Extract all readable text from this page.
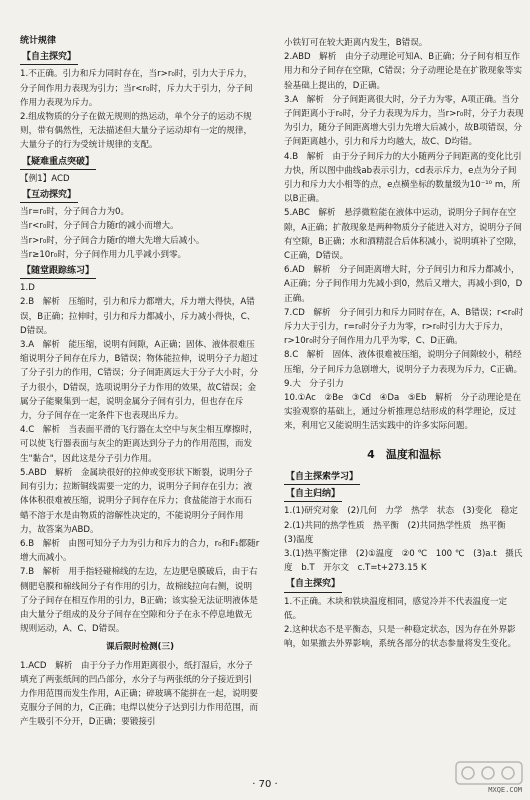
统计规律
【自主探究】
1.不正确。引力和斥力同时存在，当r>r₀时，引力大于斥力，分子间作用力表现为引力；当r<r₀时，斥力大于引力，分子间作用力表现为斥力。
2.组成物质的分子在做无规则的热运动，单个分子的运动不规则，带有偶然性，无法描述但大量分子运动却有一定的规律，大量分子的行为受统计规律的支配。
【疑难重点突破】
【例1】ACD
【互动探究】
当r=r₀时，分子间合力为0。
当r<r₀时，分子间合力随r的减小而增大。
当r>r₀时，分子间合力随r的增大先增大后减小。
当r≥10r₀时，分子间作用力几乎减小到零。
【随堂跟踪练习】
1.D
2.B　解析　压缩时，引力和斥力都增大，斥力增大得快，A错误，B正确；拉伸时，引力和斥力都减小，斥力减小得快，C、D错误。
3.A　解析　能压缩，说明有间隙，A正确；固体、液体很难压缩说明分子间存在斥力，B错误；物体能拉伸，说明分子力超过了分子引力的作用，C错误；分子间距离远大于分子大小时，分子力很小，D错误，选项说明分子力作用的效果，故C错误；金属分子能聚集到一起，说明金属分子间有引力，但也存在斥力，分子间存在一定条件下也表现出斥力。
4.C　解析　当表面平滑的飞行器在太空中与灰尘相互摩擦时，可以使飞行器表面与灰尘的距离达到分子力的作用范围，而发生"黏合"，因此这是分子引力作用。
5.ABD　解析　金属块很好的拉伸或变形状下断裂，说明分子间有引力；拉断铜线需要一定的力，说明分子间存在引力；液体体积很难被压缩，说明分子间存在斥力；食盐能溶于水而石蜡不溶于水是由物质的溶解性决定的，不能说明分子间作用力，故答案为ABD。
6.B　解析　由图可知分子力为引力和斥力的合力，r₀和F₁都随r增大而减小。
7.B　解析　用手指轻碰棉线的左边，左边肥皂膜破后，由于右侧肥皂膜和棉线间分子有作用的引力，故棉线拉向右侧，说明了分子间存在相互作用的引力，B正确；该实验无法证明液体是由大量分子组成的及分子间存在空隙和分子在永不停息地做无规则运动，A、C、D错误。
课后限时检测(三)
1.ACD　解析　由于分子力作用距离很小，纸打湿后，水分子填充了两张纸间的凹凸部分，水分子与两张纸的分子接近到引力作用范围而发生作用，A正确；碎玻璃不能拼在一起，说明要克服分子间的力，C正确；电焊以使分子达到引力作用范围，而产生吸引不分开，D正确；要锻接引
小铁钉可在较大距离内发生，B错误。
2.ABD　解析　由分子动理论可知A、B正确；分子间有相互作用力和分子间存在空隙，C错误；分子动理论是在扩散现象等实验基础上提出的，D正确。
3.A　解析　分子间距离很大时，分子力为零，A项正确。当分子间距离小于r₀时，分子力表现为斥力，当r>r₀时，分子力表现为引力，随分子间距离增大引力先增大后减小，故B项错误，分子间距离越小，引力和斥力均越大，故C、D均错。
4.B　解析　由于分子间斥力的大小随两分子间距离的变化比引力快，所以图中曲线ab表示引力，cd表示斥力，e点为分子间引力和斥力大小相等的点，e点横坐标的数量级为10⁻¹⁰ m，所以B正确。
5.ABC　解析　悬浮微粒能在液体中运动，说明分子间存在空隙，A正确；扩散现象是两种物质分子能进入对方，说明分子间有空隙，B正确；水和酒精混合后体积减小，说明填补了空隙，C正确，D错误。
6.AD　解析　分子间距离增大时，分子间引力和斥力都减小，A正确；分子间作用力先减小到0，然后又增大，再减小到0，D正确。
7.CD　解析　分子间引力和斥力同时存在，A、B错误；r<r₀时斥力大于引力，r=r₀时分子力为零，r>r₀时引力大于斥力，r>10r₀时分子间作用力几乎为零，C、D正确。
8.C　解析　固体、液体很难被压缩，说明分子间隙较小，稍经压缩，分子间斥力急剧增大，说明分子力表现为斥力，C正确。
9.大　分子引力
10.①Ac　②Be　③Cd　④Da　⑤Eb　解析　分子动理论是在实验观察的基础上，通过分析推理总结形成的科学理论，反过来，利用它又能说明生活实践中的许多实际问题。
4　温度和温标
【自主探索学习】
【自主归纳】
1.(1)研究对象　(2)几何　力学　热学　状态　(3)变化　稳定
2.(1)共同的热学性质　热平衡　(2)共同热学性质　热平衡　(3)温度
3.(1)热平衡定律　(2)①温度　②0 ℃　100 ℃　(3)a.t　摄氏度　b.T　开尔文　c.T=t+273.15 K
【自主探究】
1.不正确。木块和铁块温度相同，感觉冷并不代表温度一定低。
2.这种状态不是平衡态，只是一种稳定状态，因为存在外界影响，如果撤去外界影响，系统各部分的状态参量将发生变化。
· 70 ·	MXQE.COM
